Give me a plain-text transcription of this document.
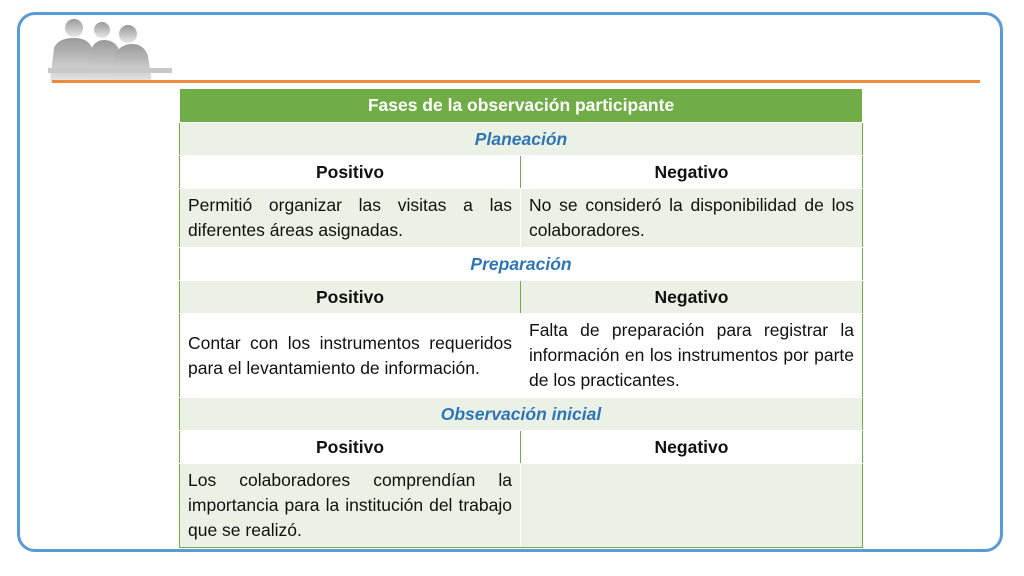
Fases de la observación participante	
Planeación	
Positivo	Negativo
Permitió organizar las visitas a las diferentes áreas asignadas.	No se consideró la disponibilidad de los colaboradores.
Preparación	
Positivo	Negativo
Contar con los instrumentos requeridos para el levantamiento de información.	Falta de preparación para registrar la información en los instrumentos por parte de los practicantes.
Observación inicial	
Positivo	Negativo
Los colaboradores comprendían la importancia para la institución del trabajo que se realizó.	
